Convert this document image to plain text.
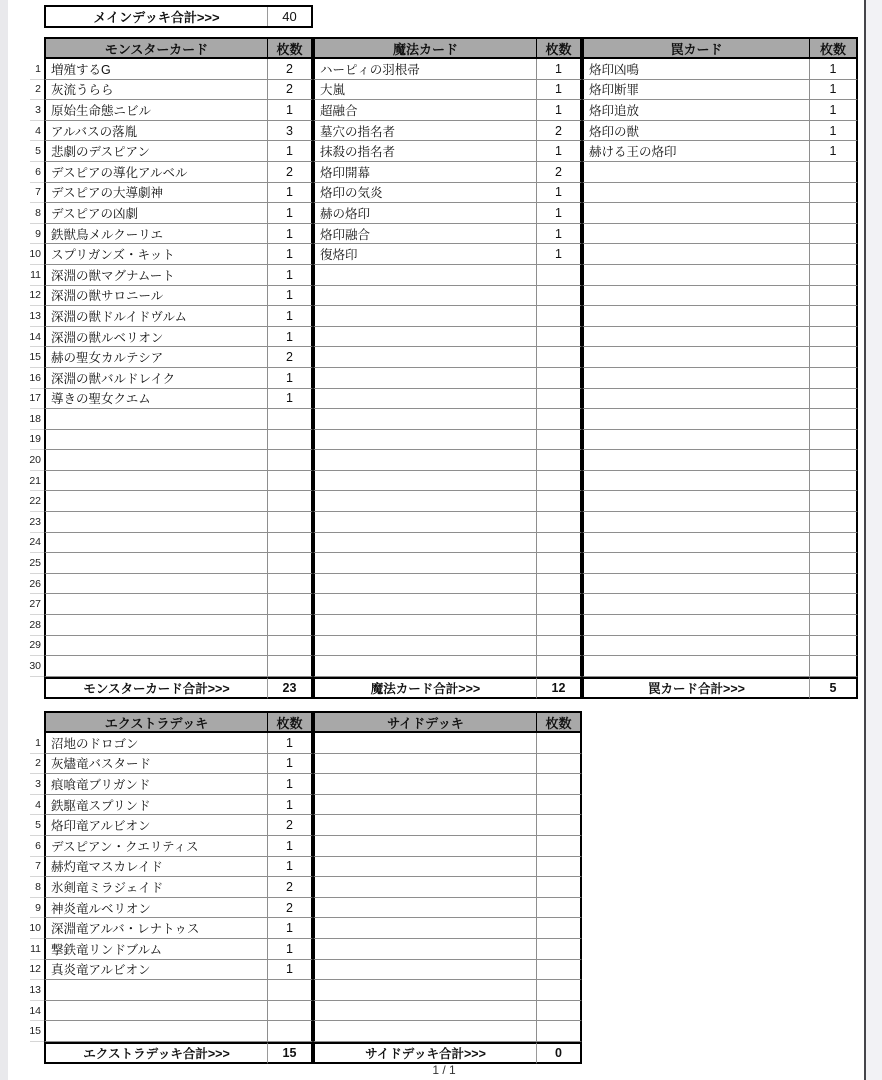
メインデッキ合計>>>	40
モンスターカード	枚数	魔法カード	枚数	罠カード	枚数
1 増殖するG	2	ハーピィの羽根帚	1	烙印凶鳴	1
2 灰流うらら	2	大嵐	1	烙印断罪	1
3 原始生命態ニビル	1	超融合	1	烙印追放	1
4 アルバスの落胤	3	墓穴の指名者	2	烙印の獣	1
5 悲劇のデスピアン	1	抹殺の指名者	1	赫ける王の烙印	1
6 デスピアの導化アルベル	2	烙印開幕	2
7 デスピアの大導劇神	1	烙印の気炎	1
8 デスピアの凶劇	1	赫の烙印	1
9 鉄獣鳥メルクーリエ	1	烙印融合	1
10 スプリガンズ・キット	1	復烙印	1
11 深淵の獣マグナムート	1
12 深淵の獣サロニール	1
13 深淵の獣ドルイドヴルム	1
14 深淵の獣ルベリオン	1
15 赫の聖女カルテシア	2
16 深淵の獣バルドレイク	1
17 導きの聖女クエム	1
18
19
20
21
22
23
24
25
26
27
28
29
30
モンスターカード合計>>>	23	魔法カード合計>>>	12	罠カード合計>>>	5
エクストラデッキ	枚数	サイドデッキ	枚数
1 沼地のドロゴン	1
2 灰燼竜バスタード	1
3 痕喰竜ブリガンド	1
4 鉄駆竜スプリンド	1
5 烙印竜アルビオン	2
6 デスピアン・クエリティス	1
7 赫灼竜マスカレイド	1
8 氷剣竜ミラジェイド	2
9 神炎竜ルベリオン	2
10 深淵竜アルバ・レナトゥス	1
11 撃鉄竜リンドブルム	1
12 真炎竜アルビオン	1
13
14
15
エクストラデッキ合計>>>	15	サイドデッキ合計>>>	0
1 / 1
